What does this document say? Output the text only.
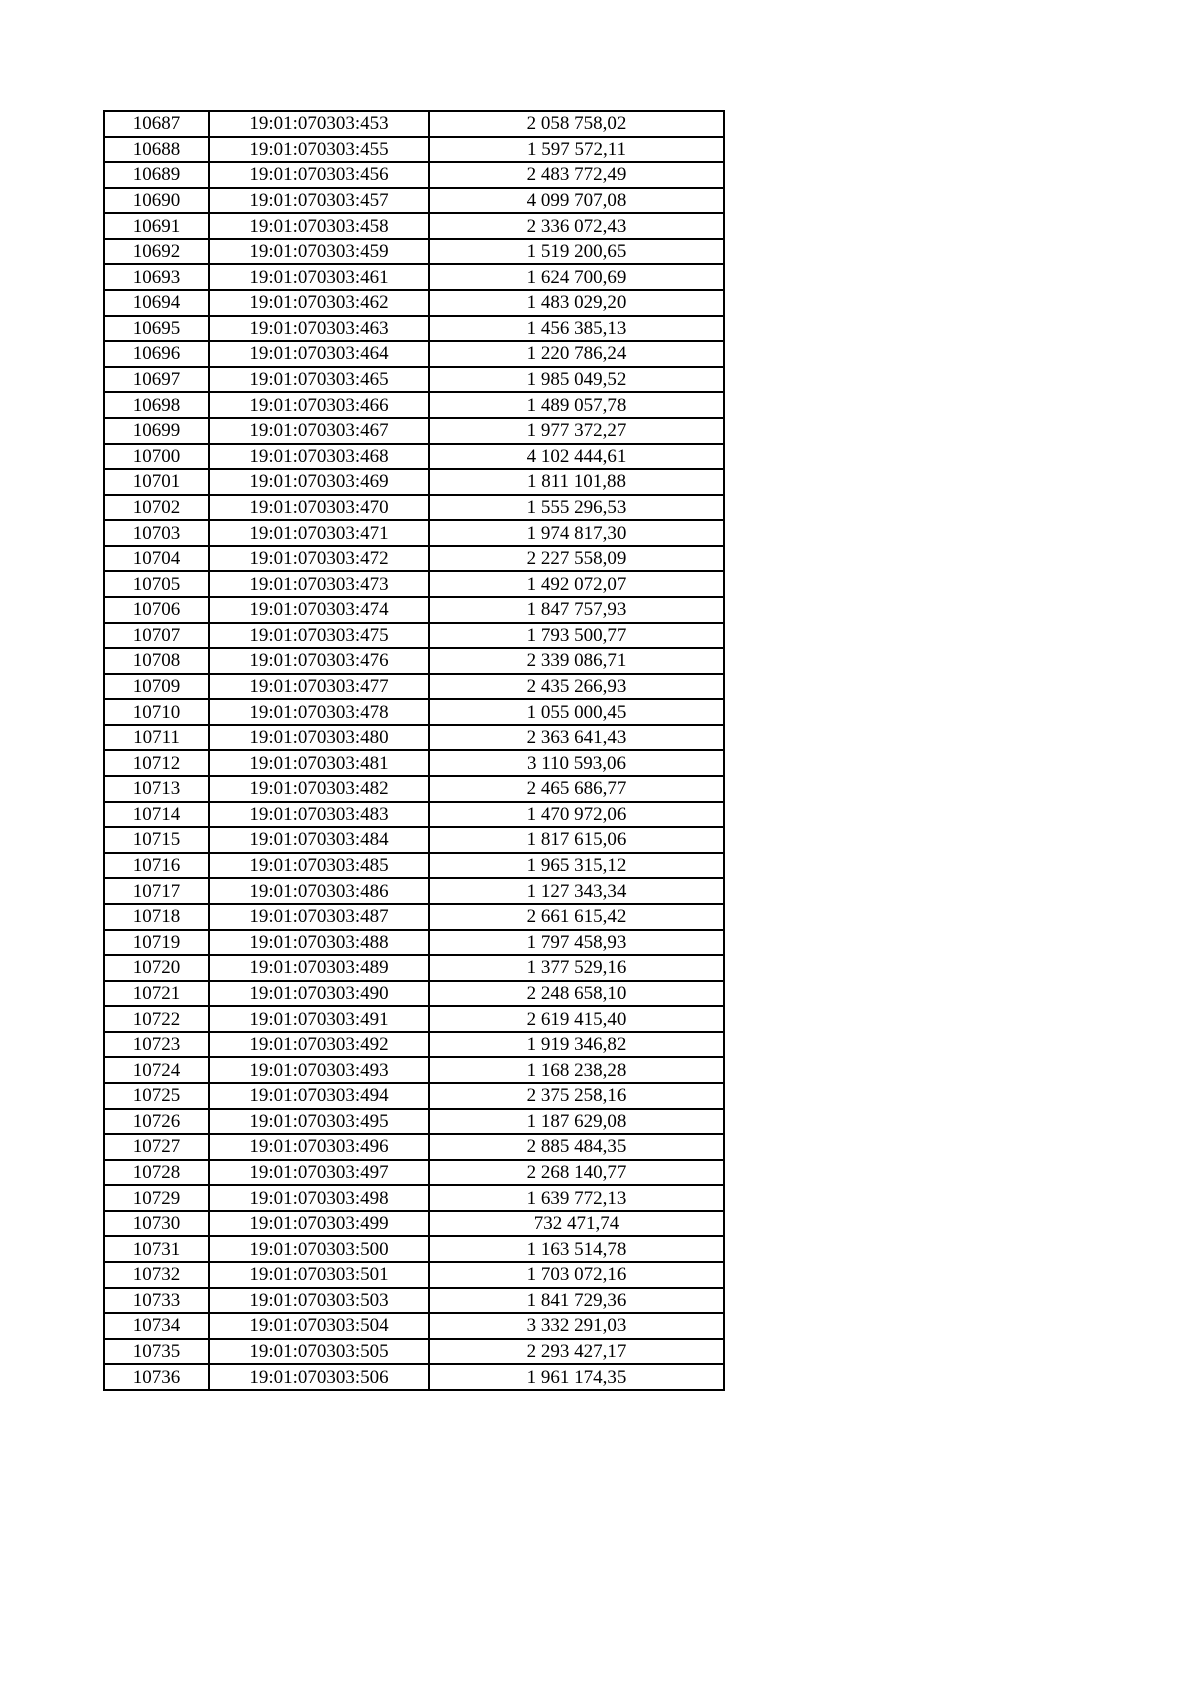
10687	19:01:070303:453	2 058 758,02
10688	19:01:070303:455	1 597 572,11
10689	19:01:070303:456	2 483 772,49
10690	19:01:070303:457	4 099 707,08
10691	19:01:070303:458	2 336 072,43
10692	19:01:070303:459	1 519 200,65
10693	19:01:070303:461	1 624 700,69
10694	19:01:070303:462	1 483 029,20
10695	19:01:070303:463	1 456 385,13
10696	19:01:070303:464	1 220 786,24
10697	19:01:070303:465	1 985 049,52
10698	19:01:070303:466	1 489 057,78
10699	19:01:070303:467	1 977 372,27
10700	19:01:070303:468	4 102 444,61
10701	19:01:070303:469	1 811 101,88
10702	19:01:070303:470	1 555 296,53
10703	19:01:070303:471	1 974 817,30
10704	19:01:070303:472	2 227 558,09
10705	19:01:070303:473	1 492 072,07
10706	19:01:070303:474	1 847 757,93
10707	19:01:070303:475	1 793 500,77
10708	19:01:070303:476	2 339 086,71
10709	19:01:070303:477	2 435 266,93
10710	19:01:070303:478	1 055 000,45
10711	19:01:070303:480	2 363 641,43
10712	19:01:070303:481	3 110 593,06
10713	19:01:070303:482	2 465 686,77
10714	19:01:070303:483	1 470 972,06
10715	19:01:070303:484	1 817 615,06
10716	19:01:070303:485	1 965 315,12
10717	19:01:070303:486	1 127 343,34
10718	19:01:070303:487	2 661 615,42
10719	19:01:070303:488	1 797 458,93
10720	19:01:070303:489	1 377 529,16
10721	19:01:070303:490	2 248 658,10
10722	19:01:070303:491	2 619 415,40
10723	19:01:070303:492	1 919 346,82
10724	19:01:070303:493	1 168 238,28
10725	19:01:070303:494	2 375 258,16
10726	19:01:070303:495	1 187 629,08
10727	19:01:070303:496	2 885 484,35
10728	19:01:070303:497	2 268 140,77
10729	19:01:070303:498	1 639 772,13
10730	19:01:070303:499	732 471,74
10731	19:01:070303:500	1 163 514,78
10732	19:01:070303:501	1 703 072,16
10733	19:01:070303:503	1 841 729,36
10734	19:01:070303:504	3 332 291,03
10735	19:01:070303:505	2 293 427,17
10736	19:01:070303:506	1 961 174,35
